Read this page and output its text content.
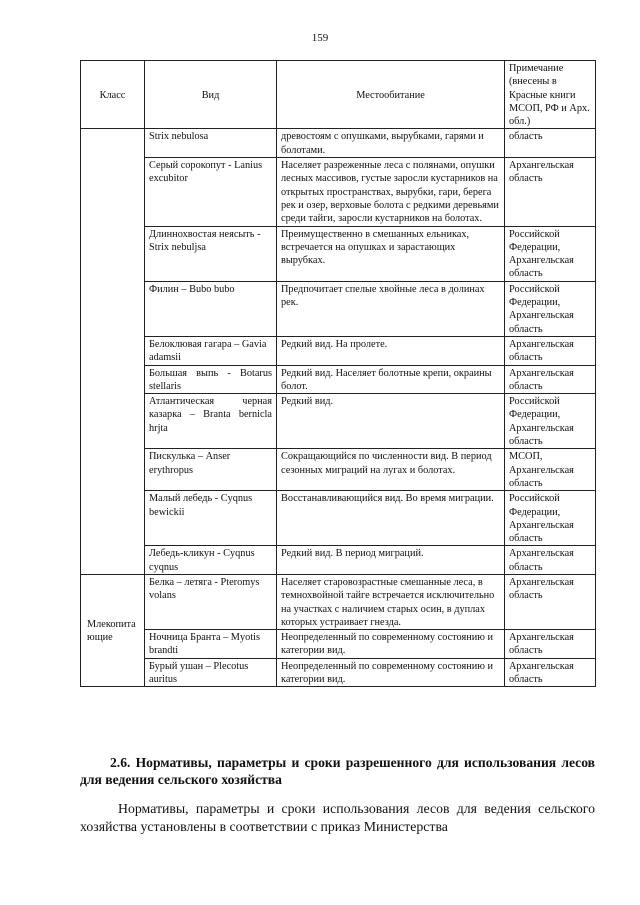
159
Класс	Вид	Местообитание	Примечание (внесены в Красные книги МСОП, РФ и Арх. обл.)
	Strix nebulosa	древостоям с опушками, вырубками, гарями и болотами.	область
	Серый сорокопут - Lanius excubitor	Населяет разреженные леса с полянами, опушки лесных массивов, густые заросли кустарников на открытых пространствах, вырубки, гари, берега рек и озер, верховые болота с редкими деревьями среди тайги, заросли кустарников на болотах.	Архангельская область
	Длиннохвостая неясыть - Strix nebuljsa	Преимущественно в смешанных ельниках, встречается на опушках и зарастающих вырубках.	Российской Федерации, Архангельская область
	Филин – Bubo bubo	Предпочитает спелые хвойные леса в долинах рек.	Российской Федерации, Архангельская область
	Белоклювая гагара – Gavia adamsii	Редкий вид. На пролете.	Архангельская область
	Большая выпь - Botarus stellaris	Редкий вид. Населяет болотные крепи, окраины болот.	Архангельская область
	Атлантическая черная казарка – Branta bernicla hrjta	Редкий вид.	Российской Федерации, Архангельская область
	Пискулька – Anser erythropus	Сокращающийся по численности вид. В период сезонных миграций на лугах и болотах.	МСОП, Архангельская область
	Малый лебедь - Cyqnus bewickii	Восстанавливающийся вид. Во время миграции.	Российской Федерации, Архангельская область
	Лебедь-кликун - Cyqnus cyqnus	Редкий вид. В период миграций.	Архангельская область
Млекопита ющие	Белка – летяга - Pteromys volans	Населяет старовозрастные смешанные леса, в темнохвойной тайге встречается исключительно на участках с наличием старых осин, в дуплах которых устраивает гнезда.	Архангельская область
	Ночница Бранта – Myotis brandti	Неопределенный по современному состоянию и категории вид.	Архангельская область
	Бурый ушан – Plecotus auritus	Неопределенный по современному состоянию и категории вид.	Архангельская область

2.6. Нормативы, параметры и сроки разрешенного для использования лесов для ведения сельского хозяйства

Нормативы, параметры и сроки использования лесов для ведения сельского хозяйства установлены в соответствии с приказ Министерства
